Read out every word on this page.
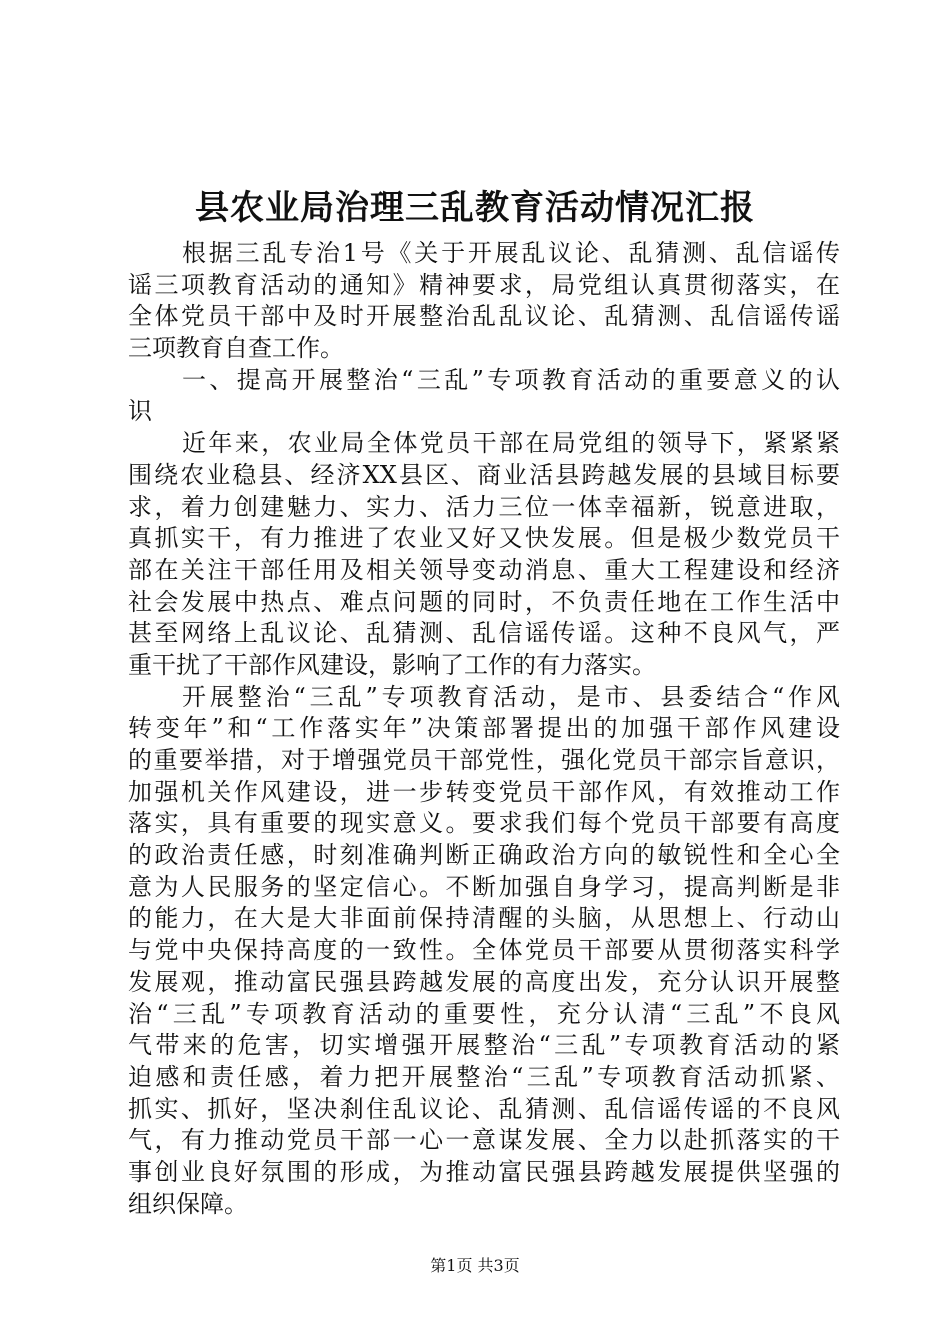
县农业局治理三乱教育活动情况汇报
根据三乱专治1号《关于开展乱议论、乱猜测、乱信谣传
谣三项教育活动的通知》精神要求，局党组认真贯彻落实，在
全体党员干部中及时开展整治乱乱议论、乱猜测、乱信谣传谣
三项教育自查工作。
一、提高开展整治“三乱”专项教育活动的重要意义的认
识
近年来，农业局全体党员干部在局党组的领导下，紧紧紧
围绕农业稳县、经济XX县区、商业活县跨越发展的县域目标要
求，着力创建魅力、实力、活力三位一体幸福新，锐意进取，
真抓实干，有力推进了农业又好又快发展。但是极少数党员干
部在关注干部任用及相关领导变动消息、重大工程建设和经济
社会发展中热点、难点问题的同时，不负责任地在工作生活中
甚至网络上乱议论、乱猜测、乱信谣传谣。这种不良风气，严
重干扰了干部作风建设，影响了工作的有力落实。
开展整治“三乱”专项教育活动，是市、县委结合“作风
转变年”和“工作落实年”决策部署提出的加强干部作风建设
的重要举措，对于增强党员干部党性，强化党员干部宗旨意识，
加强机关作风建设，进一步转变党员干部作风，有效推动工作
落实，具有重要的现实意义。要求我们每个党员干部要有高度
的政治责任感，时刻准确判断正确政治方向的敏锐性和全心全
意为人民服务的坚定信心。不断加强自身学习，提高判断是非
的能力，在大是大非面前保持清醒的头脑，从思想上、行动山
与党中央保持高度的一致性。全体党员干部要从贯彻落实科学
发展观，推动富民强县跨越发展的高度出发，充分认识开展整
治“三乱”专项教育活动的重要性，充分认清“三乱”不良风
气带来的危害，切实增强开展整治“三乱”专项教育活动的紧
迫感和责任感，着力把开展整治“三乱”专项教育活动抓紧、
抓实、抓好，坚决刹住乱议论、乱猜测、乱信谣传谣的不良风
气，有力推动党员干部一心一意谋发展、全力以赴抓落实的干
事创业良好氛围的形成，为推动富民强县跨越发展提供坚强的
组织保障。
第1页 共3页
